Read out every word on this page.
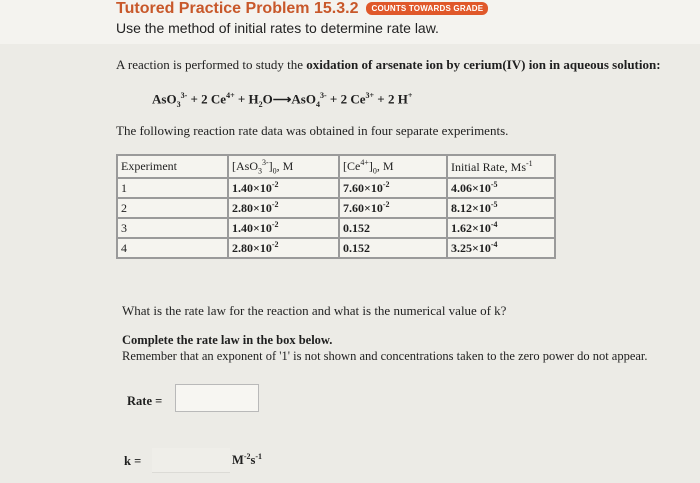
Tutored Practice Problem 15.3.2 COUNTS TOWARDS GRADE
Use the method of initial rates to determine rate law.
A reaction is performed to study the oxidation of arsenate ion by cerium(IV) ion in aqueous solution:
AsO$_3^{3-}$ + 2 $Ce^{4+}$ + $H_2O⟶AsO_4^{3-} + 2$ $Ce^{3+} + 2$ H+
The following reaction rate data was obtained in four separate experiments.
Experiment	$[AsO_3^{3-}]_0$, M	$[Ce^{4+}]_0$, M	Initial Rate, $Ms^{-1}$
1	$1.40\times 10^{-2}$	$7.60\times 10^{-2}$	$4.06\times 10^{-5}$
2	$2.80\times 10^{-2}$	$7.60\times 10^{-2}$	$8.12\times 10^{-5}$
3	$1.40\times 10^{-2}$	0.152	$1.62\times 10^{-4}$
4	$2.80\times 10^{-2}$	0.152	$3.25\times 10^{-4}$
What is the rate law for the reaction and what is the numerical value of k?
Complete the rate law in the box below.
Remember that an exponent of '1' is not shown and concentrations taken to the zero power do not appear.
Rate =
k =	$M^{-2}s^{-1}$
